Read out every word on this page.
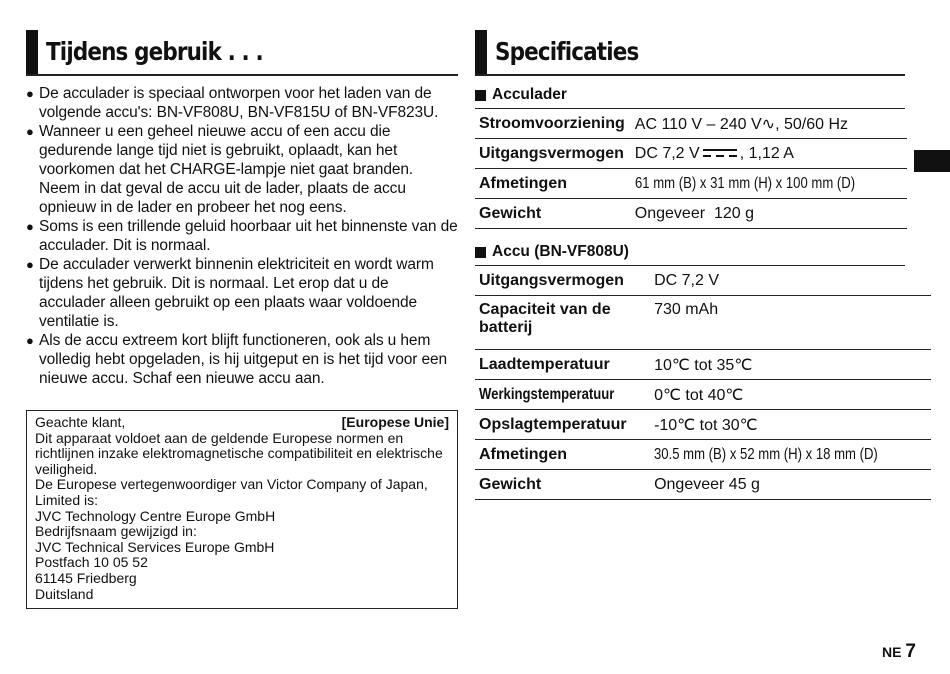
Tijdens gebruik . . .
● De acculader is speciaal ontworpen voor het laden van de volgende accu's: BN-VF808U, BN-VF815U of BN-VF823U.
● Wanneer u een geheel nieuwe accu of een accu die gedurende lange tijd niet is gebruikt, oplaadt, kan het voorkomen dat het CHARGE-lampje niet gaat branden. Neem in dat geval de accu uit de lader, plaats de accu opnieuw in de lader en probeer het nog eens.
● Soms is een trillende geluid hoorbaar uit het binnenste van de acculader. Dit is normaal.
● De acculader verwerkt binnenin elektriciteit en wordt warm tijdens het gebruik. Dit is normaal. Let erop dat u de acculader alleen gebruikt op een plaats waar voldoende ventilatie is.
● Als de accu extreem kort blijft functioneren, ook als u hem volledig hebt opgeladen, is hij uitgeput en is het tijd voor een nieuwe accu. Schaf een nieuwe accu aan.
Geachte klant,	[Europese Unie]
Dit apparaat voldoet aan de geldende Europese normen en richtlijnen inzake elektromagnetische compatibiliteit en elektrische veiligheid.
De Europese vertegenwoordiger van Victor Company of Japan, Limited is:
JVC Technology Centre Europe GmbH
Bedrijfsnaam gewijzigd in:
JVC Technical Services Europe GmbH
Postfach 10 05 52
61145 Friedberg
Duitsland
Specificaties
Acculader
Stroomvoorziening	AC 110 V – 240 V∿, 50/60 Hz
Uitgangsvermogen	DC 7,2 V , 1,12 A
Afmetingen	61 mm (B) x 31 mm (H) x 100 mm (D)
Gewicht	Ongeveer  120 g
Accu (BN-VF808U)
Uitgangsvermogen	DC 7,2 V
Capaciteit van de batterij	730 mAh
Laadtemperatuur	10℃ tot 35℃
Werkingstemperatuur	0℃ tot 40℃
Opslagtemperatuur	-10℃ tot 30℃
Afmetingen	30.5 mm (B) x 52 mm (H) x 18 mm (D)
Gewicht	Ongeveer 45 g
NE 7
